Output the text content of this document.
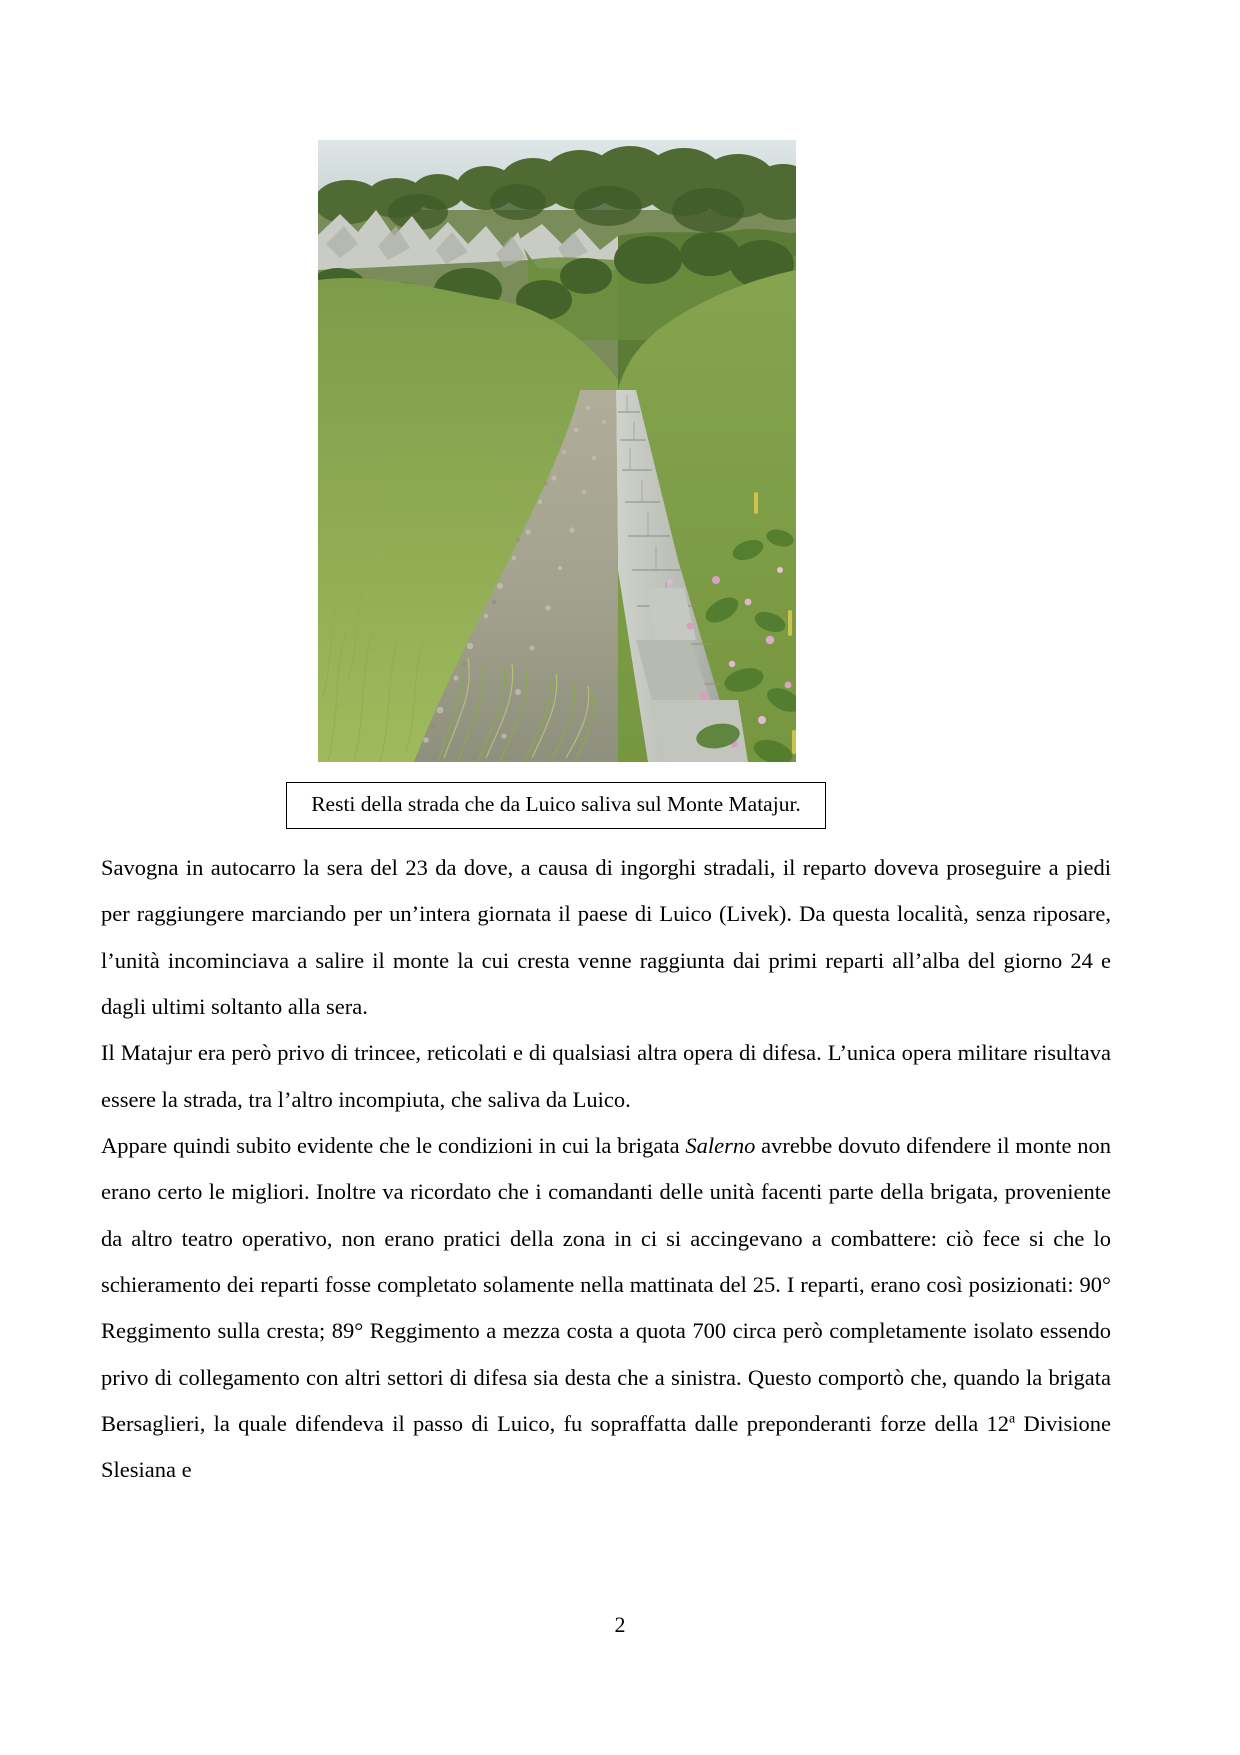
Resti della strada che da Luico saliva sul Monte Matajur.

Savogna in autocarro la sera del 23 da dove, a causa di ingorghi stradali, il reparto doveva proseguire a piedi per raggiungere marciando per un’intera giornata il paese di Luico (Livek). Da questa località, senza riposare, l’unità incominciava a salire il monte la cui cresta venne raggiunta dai primi reparti all’alba del giorno 24 e dagli ultimi soltanto alla sera.

Il Matajur era però privo di trincee, reticolati e di qualsiasi altra opera di difesa. L’unica opera militare risultava essere la strada, tra l’altro incompiuta, che saliva da Luico.

Appare quindi subito evidente che le condizioni in cui la brigata Salerno avrebbe dovuto difendere il monte non erano certo le migliori. Inoltre va ricordato che i comandanti delle unità facenti parte della brigata, proveniente da altro teatro operativo, non erano pratici della zona in ci si accingevano a combattere: ciò fece si che lo schieramento dei reparti fosse completato solamente nella mattinata del 25. I reparti, erano così posizionati: 90° Reggimento sulla cresta; 89° Reggimento a mezza costa a quota 700 circa però completamente isolato essendo privo di collegamento con altri settori di difesa sia desta che a sinistra. Questo comportò che, quando la brigata Bersaglieri, la quale difendeva il passo di Luico, fu sopraffatta dalle preponderanti forze della 12$^a$ Divisione Slesiana e

2
